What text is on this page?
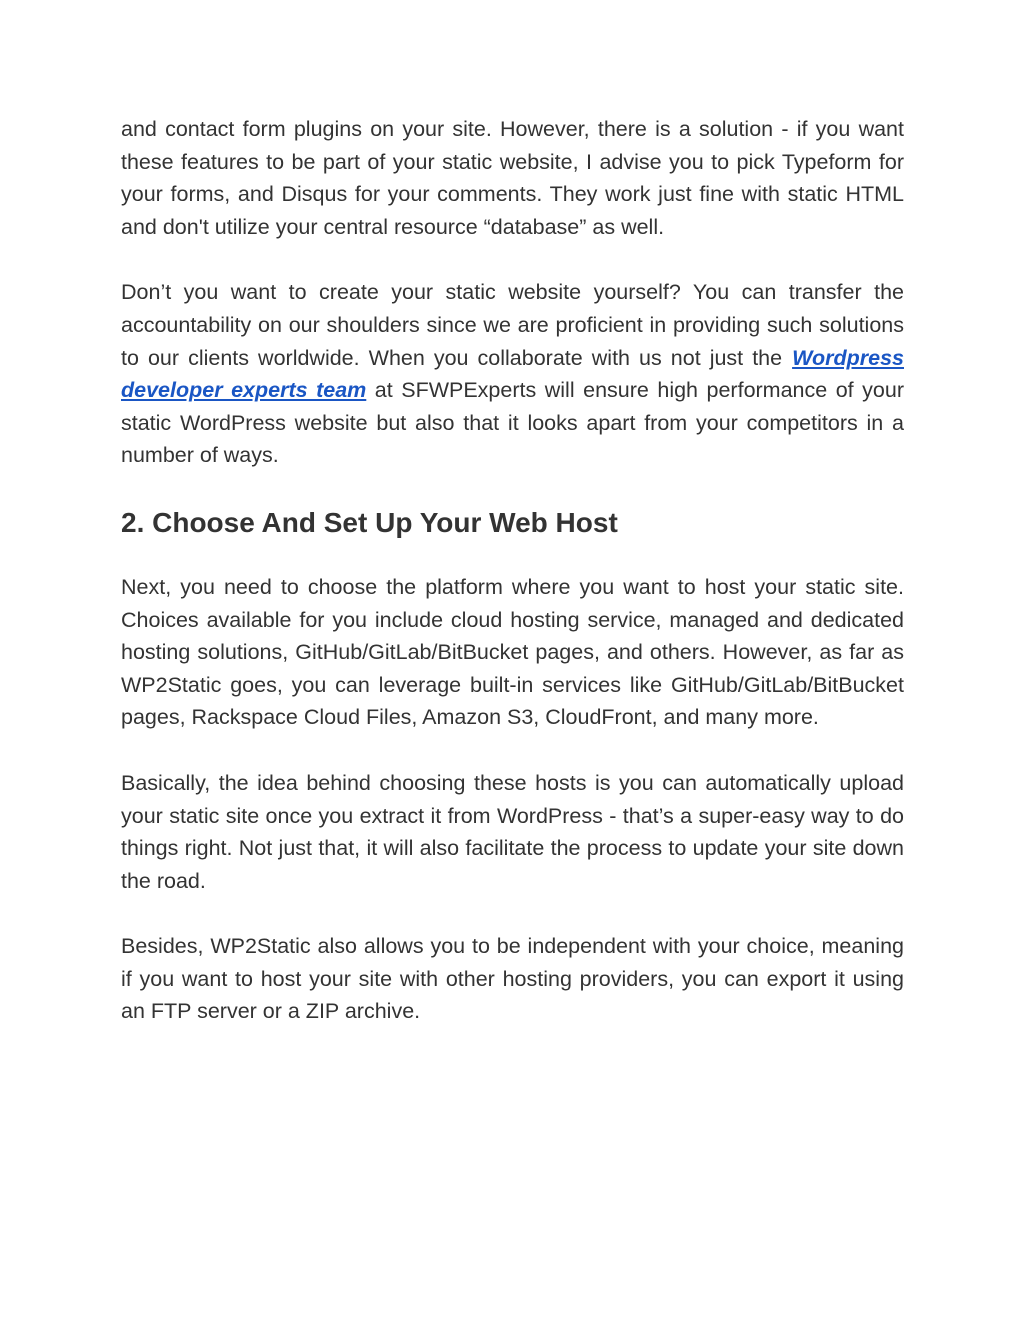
and contact form plugins on your site. However, there is a solution - if you want these features to be part of your static website, I advise you to pick Typeform for your forms, and Disqus for your comments. They work just fine with static HTML and don't utilize your central resource “database” as well.

Don’t you want to create your static website yourself? You can transfer the accountability on our shoulders since we are proficient in providing such solutions to our clients worldwide. When you collaborate with us not just the Wordpress developer experts team at SFWPExperts will ensure high performance of your static WordPress website but also that it looks apart from your competitors in a number of ways.

2. Choose And Set Up Your Web Host

Next, you need to choose the platform where you want to host your static site. Choices available for you include cloud hosting service, managed and dedicated hosting solutions, GitHub/GitLab/BitBucket pages, and others. However, as far as WP2Static goes, you can leverage built-in services like GitHub/GitLab/BitBucket pages, Rackspace Cloud Files, Amazon S3, CloudFront, and many more.

Basically, the idea behind choosing these hosts is you can automatically upload your static site once you extract it from WordPress - that’s a super-easy way to do things right. Not just that, it will also facilitate the process to update your site down the road.

Besides, WP2Static also allows you to be independent with your choice, meaning if you want to host your site with other hosting providers, you can export it using an FTP server or a ZIP archive.
